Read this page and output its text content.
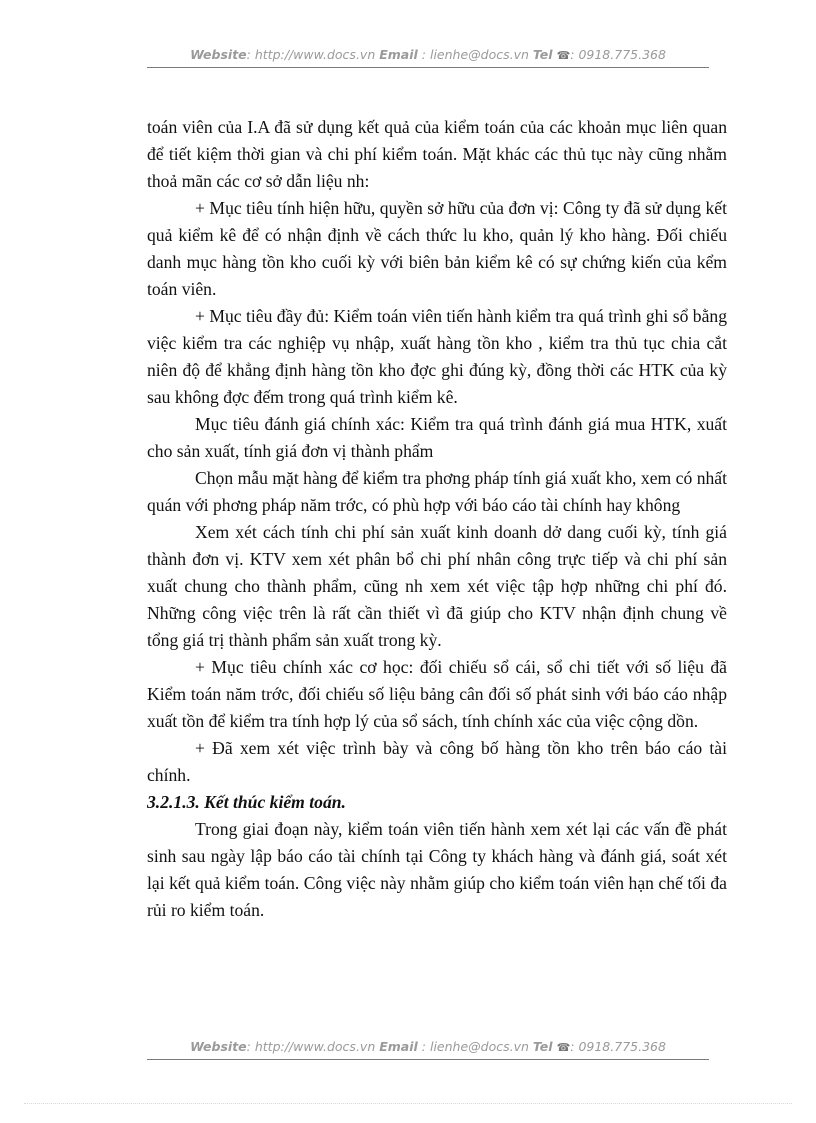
Website: http://www.docs.vn Email : lienhe@docs.vn Tel ☎: 0918.775.368

toán viên của I.A đã sử dụng kết quả của kiểm toán của các khoản mục liên quan để tiết kiệm thời gian và chi phí kiểm toán. Mặt khác các thủ tục này cũng nhằm thoả mãn các cơ sở dẫn liệu nh:

+ Mục tiêu tính hiện hữu, quyền sở hữu của đơn vị: Công ty đã sử dụng kết quả kiểm kê để có nhận định về cách thức lu kho, quản lý kho hàng. Đối chiếu danh mục hàng tồn kho cuối kỳ với biên bản kiểm kê có sự chứng kiến của kểm toán viên.

+ Mục tiêu đầy đủ: Kiểm toán viên tiến hành kiểm tra quá trình ghi sổ bằng việc kiểm tra các nghiệp vụ nhập, xuất hàng tồn kho , kiểm tra thủ tục chia cắt niên độ để khẳng định hàng tồn kho đợc ghi đúng kỳ, đồng thời các HTK của kỳ sau không đợc đếm trong quá trình kiểm kê.

Mục tiêu đánh giá chính xác: Kiểm tra quá trình đánh giá mua HTK, xuất cho sản xuất, tính giá đơn vị thành phẩm

Chọn mẫu mặt hàng để kiểm tra phơng pháp tính giá xuất kho, xem có nhất quán với phơng pháp năm trớc, có phù hợp với báo cáo tài chính hay không

Xem xét cách tính chi phí sản xuất kinh doanh dở dang cuối kỳ, tính giá thành đơn vị. KTV xem xét phân bổ chi phí nhân công trực tiếp và chi phí sản xuất chung cho thành phẩm, cũng nh xem xét việc tập hợp những chi phí đó. Những công việc trên là rất cần thiết vì đã giúp cho KTV nhận định chung về tổng giá trị thành phẩm sản xuất trong kỳ.

+ Mục tiêu chính xác cơ học: đối chiếu sổ cái, sổ chi tiết với số liệu đã Kiểm toán năm trớc, đối chiếu số liệu bảng cân đối số phát sinh với báo cáo nhập xuất tồn để kiểm tra tính hợp lý của sổ sách, tính chính xác của việc cộng dồn.

+ Đã xem xét việc trình bày và công bố hàng tồn kho trên báo cáo tài chính.

3.2.1.3. Kết thúc kiểm toán.

Trong giai đoạn này, kiểm toán viên tiến hành xem xét lại các vấn đề phát sinh sau ngày lập báo cáo tài chính tại Công ty khách hàng và đánh giá, soát xét lại kết quả kiểm toán. Công việc này nhằm giúp cho kiểm toán viên hạn chế tối đa rủi ro kiểm toán.

Website: http://www.docs.vn Email : lienhe@docs.vn Tel ☎: 0918.775.368
